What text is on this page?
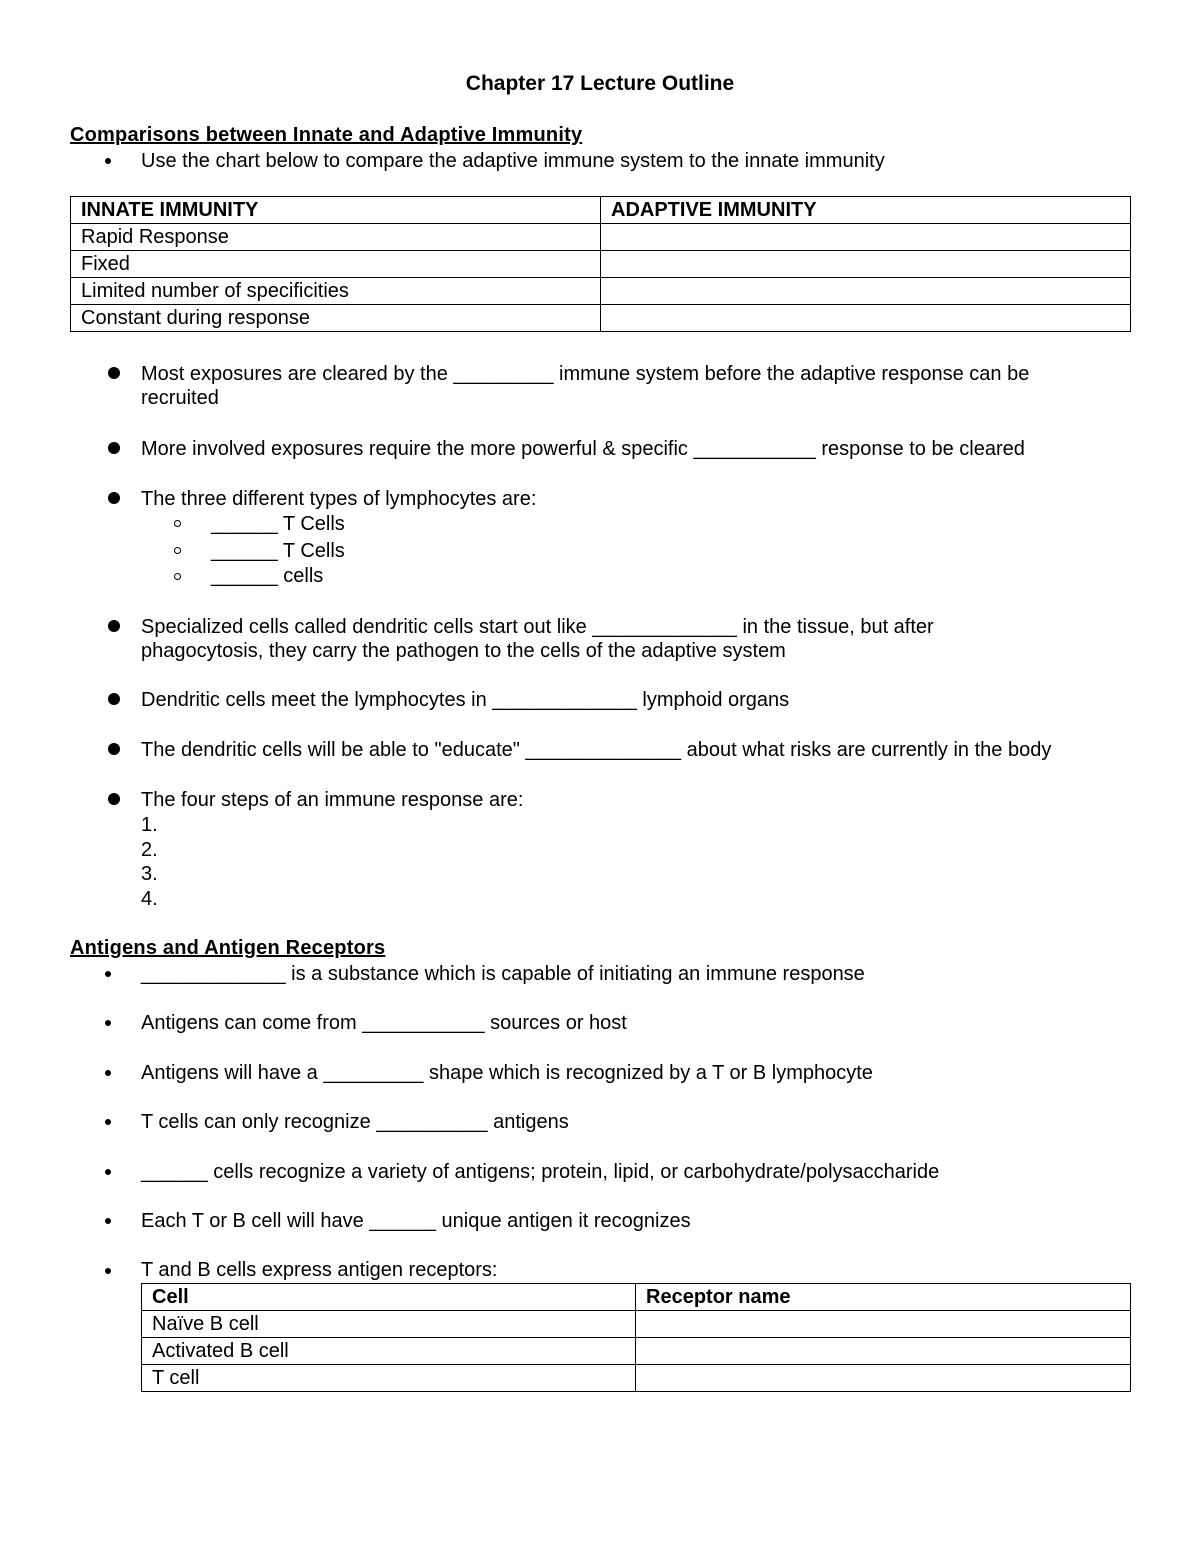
Chapter 17 Lecture Outline
Comparisons between Innate and Adaptive Immunity
Use the chart below to compare the adaptive immune system to the innate immunity
INNATE IMMUNITY	ADAPTIVE IMMUNITY
Rapid Response	
Fixed	
Limited number of specificities	
Constant during response	
Most exposures are cleared by the _________ immune system before the adaptive response can be
recruited
More involved exposures require the more powerful & specific ___________ response to be cleared
The three different types of lymphocytes are:
______ T Cells
______ T Cells
______ cells
Specialized cells called dendritic cells start out like _____________ in the tissue, but after
phagocytosis, they carry the pathogen to the cells of the adaptive system
Dendritic cells meet the lymphocytes in _____________ lymphoid organs
The dendritic cells will be able to "educate" ______________ about what risks are currently in the body
The four steps of an immune response are:
1.
2.
3.
4.
Antigens and Antigen Receptors
_____________ is a substance which is capable of initiating an immune response
Antigens can come from ___________ sources or host
Antigens will have a _________ shape which is recognized by a T or B lymphocyte
T cells can only recognize __________ antigens
______ cells recognize a variety of antigens; protein, lipid, or carbohydrate/polysaccharide
Each T or B cell will have ______ unique antigen it recognizes
T and B cells express antigen receptors:
Cell	Receptor name
Naïve B cell	
Activated B cell	
T cell	
